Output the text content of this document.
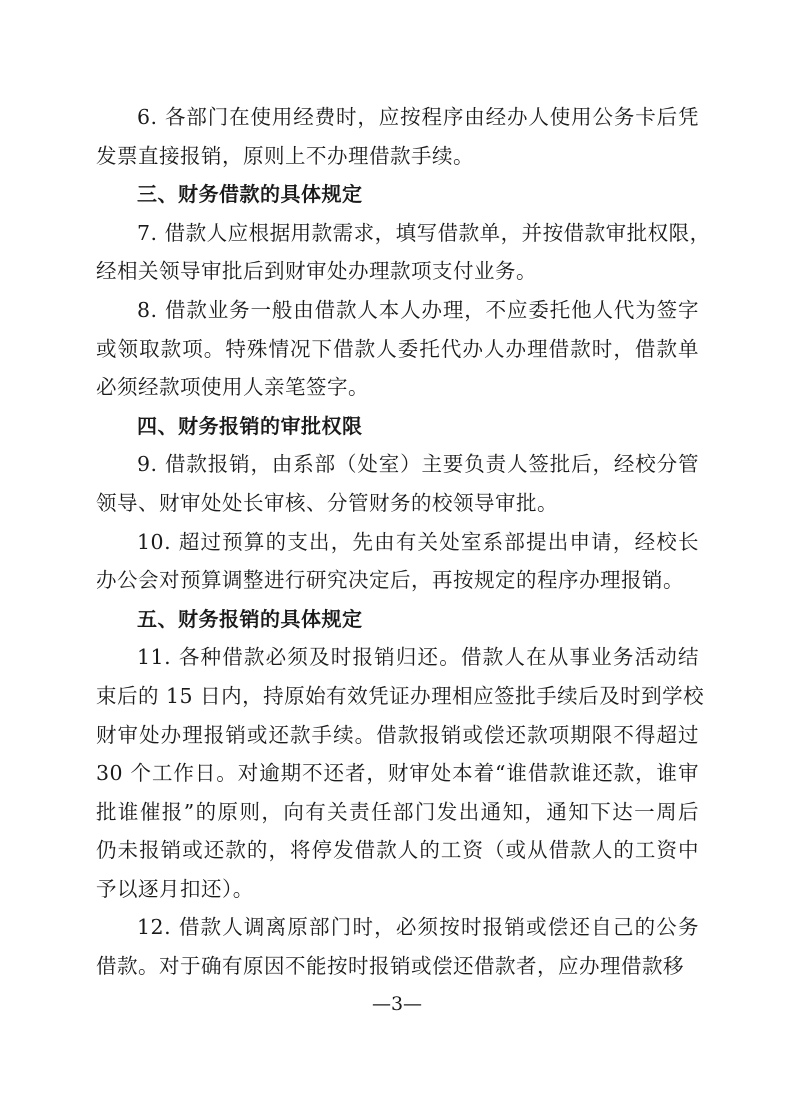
6. 各部门在使用经费时，应按程序由经办人使用公务卡后凭
发票直接报销，原则上不办理借款手续。
三、财务借款的具体规定
7. 借款人应根据用款需求，填写借款单，并按借款审批权限，
经相关领导审批后到财审处办理款项支付业务。
8. 借款业务一般由借款人本人办理，不应委托他人代为签字
或领取款项。特殊情况下借款人委托代办人办理借款时，借款单
必须经款项使用人亲笔签字。
四、财务报销的审批权限
9. 借款报销，由系部（处室）主要负责人签批后，经校分管
领导、财审处处长审核、分管财务的校领导审批。
10. 超过预算的支出，先由有关处室系部提出申请，经校长
办公会对预算调整进行研究决定后，再按规定的程序办理报销。
五、财务报销的具体规定
11. 各种借款必须及时报销归还。借款人在从事业务活动结
束后的 15 日内，持原始有效凭证办理相应签批手续后及时到学校
财审处办理报销或还款手续。借款报销或偿还款项期限不得超过
30 个工作日。对逾期不还者，财审处本着“谁借款谁还款，谁审
批谁催报”的原则，向有关责任部门发出通知，通知下达一周后
仍未报销或还款的，将停发借款人的工资（或从借款人的工资中
予以逐月扣还）。
12. 借款人调离原部门时，必须按时报销或偿还自己的公务
借款。对于确有原因不能按时报销或偿还借款者，应办理借款移
—3—
